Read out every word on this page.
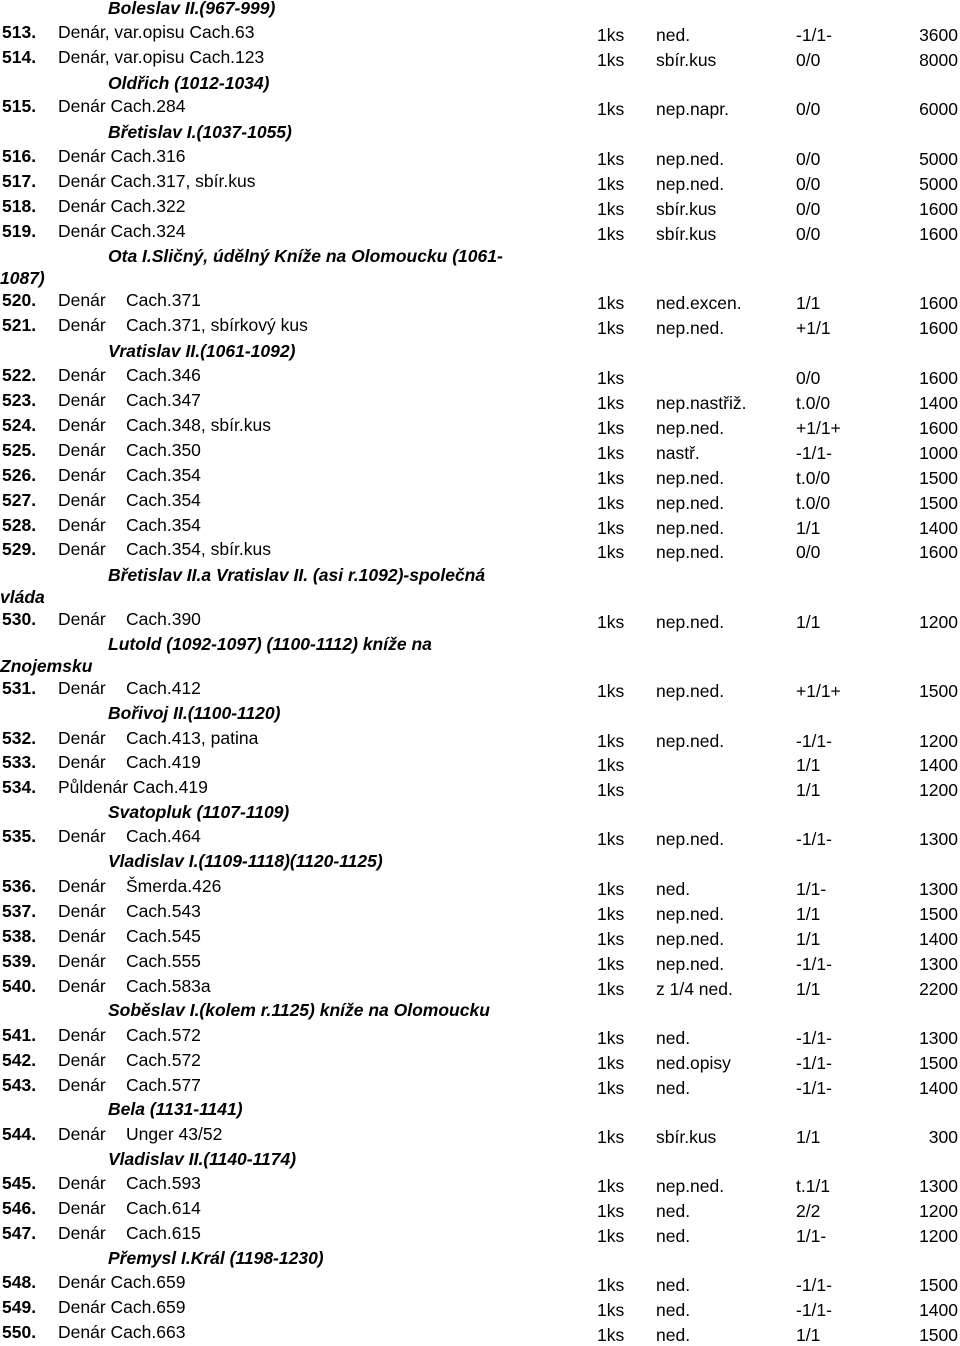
Boleslav II.(967-999)
Oldřich (1012-1034)
Břetislav I.(1037-1055)
Ota I.Sličný, údělný Kníže na Olomoucku (1061-
1087)
Vratislav II.(1061-1092)
Břetislav II.a Vratislav II. (asi r.1092)-společná
vláda
Lutold (1092-1097) (1100-1112) kníže na
Znojemsku
Bořivoj II.(1100-1120)
Svatopluk (1107-1109)
Vladislav I.(1109-1118)(1120-1125)
Soběslav I.(kolem r.1125) kníže na Olomoucku
Bela (1131-1141)
Vladislav II.(1140-1174)
Přemysl I.Král (1198-1230)
513. Denár, var.opisu Cach.63	1ks ned.	-1/1-	3600
514. Denár, var.opisu Cach.123	1ks sbír.kus	0/0	8000
515. Denár Cach.284	1ks nep.napr.	0/0	6000
516. Denár Cach.316	1ks nep.ned.	0/0	5000
517. Denár Cach.317, sbír.kus	1ks nep.ned.	0/0	5000
518. Denár Cach.322	1ks sbír.kus	0/0	1600
519. Denár Cach.324	1ks sbír.kus	0/0	1600
520. Denár Cach.371	1ks ned.excen.	1/1	1600
521. Denár Cach.371, sbírkový kus	1ks nep.ned.	+1/1	1600
522. Denár Cach.346	1ks	0/0	1600
523. Denár Cach.347	1ks nep.nastřiž.	t.0/0	1400
524. Denár Cach.348, sbír.kus	1ks nep.ned.	+1/1+	1600
525. Denár Cach.350	1ks nastř.	-1/1-	1000
526. Denár Cach.354	1ks nep.ned.	t.0/0	1500
527. Denár Cach.354	1ks nep.ned.	t.0/0	1500
528. Denár Cach.354	1ks nep.ned.	1/1	1400
529. Denár Cach.354, sbír.kus	1ks nep.ned.	0/0	1600
530. Denár Cach.390	1ks nep.ned.	1/1	1200
531. Denár Cach.412	1ks nep.ned.	+1/1+	1500
532. Denár Cach.413, patina	1ks nep.ned.	-1/1-	1200
533. Denár Cach.419	1ks	1/1	1400
534. Půldenár Cach.419	1ks	1/1	1200
535. Denár Cach.464	1ks nep.ned.	-1/1-	1300
536. Denár Šmerda.426	1ks ned.	1/1-	1300
537. Denár Cach.543	1ks nep.ned.	1/1	1500
538. Denár Cach.545	1ks nep.ned.	1/1	1400
539. Denár Cach.555	1ks nep.ned.	-1/1-	1300
540. Denár Cach.583a	1ks z 1/4 ned.	1/1	2200
541. Denár Cach.572	1ks ned.	-1/1-	1300
542. Denár Cach.572	1ks ned.opisy	-1/1-	1500
543. Denár Cach.577	1ks ned.	-1/1-	1400
544. Denár Unger 43/52	1ks sbír.kus	1/1	300
545. Denár Cach.593	1ks nep.ned.	t.1/1	1300
546. Denár Cach.614	1ks ned.	2/2	1200
547. Denár Cach.615	1ks ned.	1/1-	1200
548. Denár Cach.659	1ks ned.	-1/1-	1500
549. Denár Cach.659	1ks ned.	-1/1-	1400
550. Denár Cach.663	1ks ned.	1/1	1500
